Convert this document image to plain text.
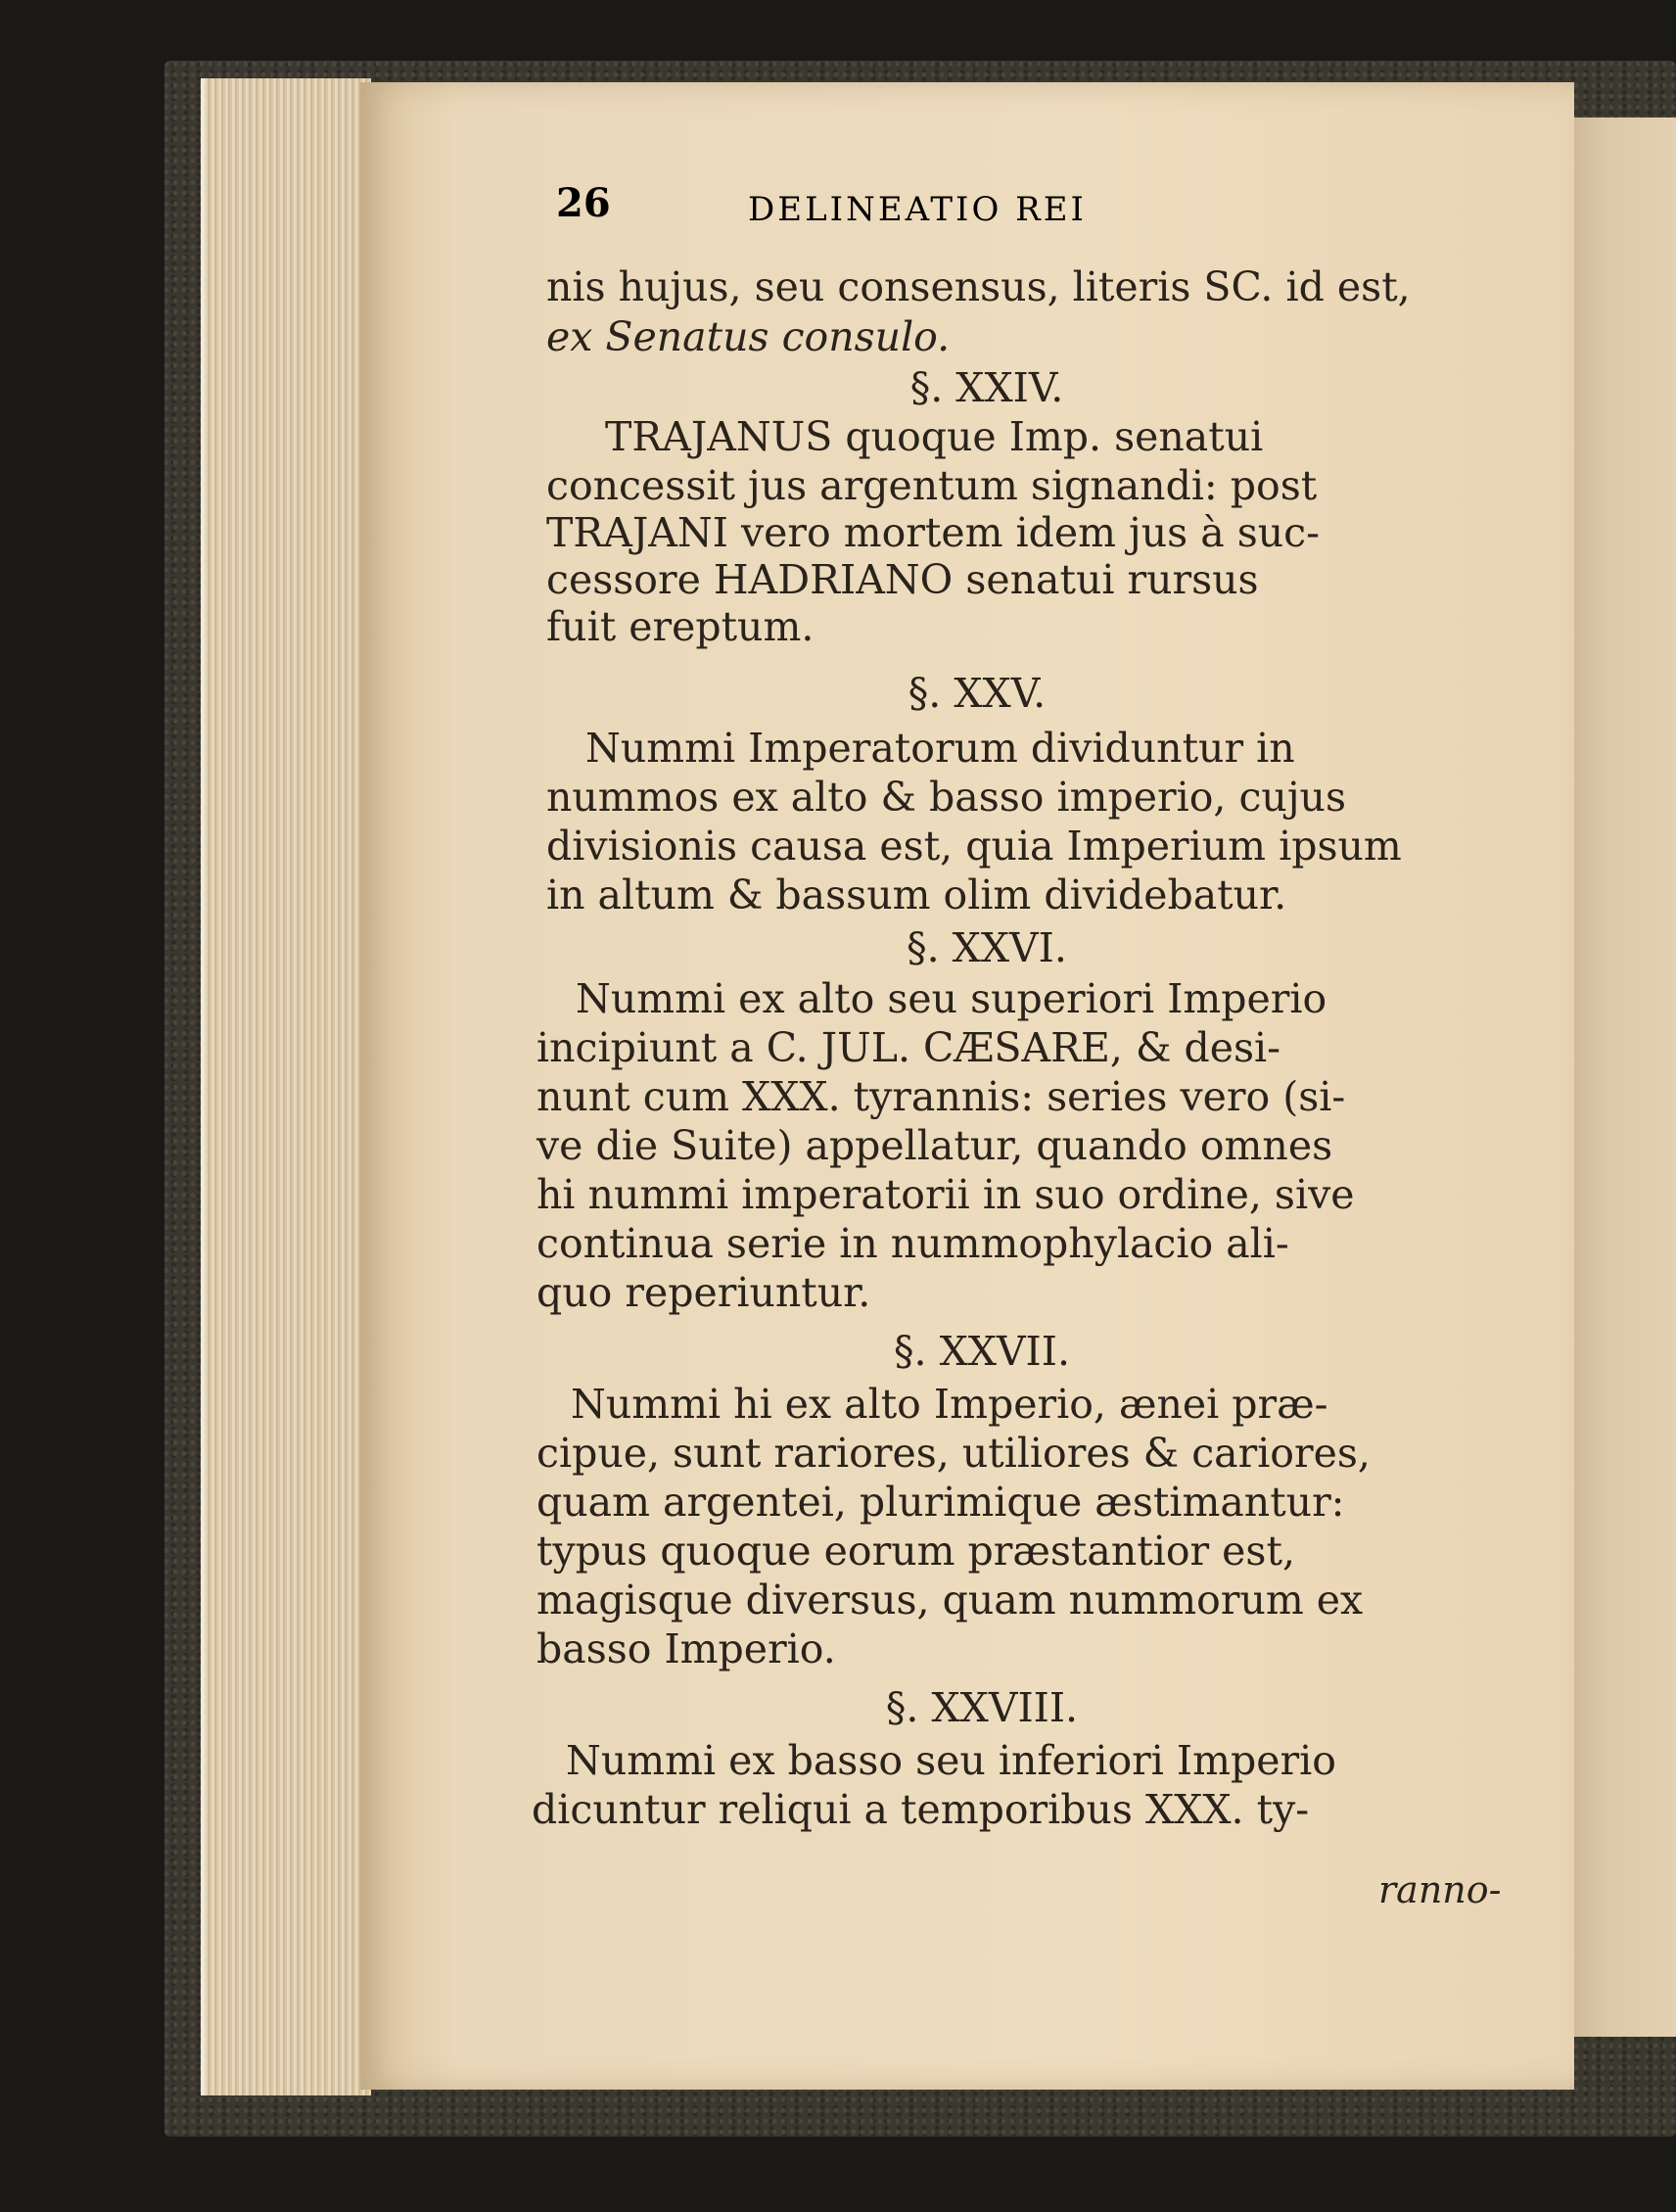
26	DELINEATIO REI
nis hujus, seu consensus, literis SC. id est,
ex Senatus consulo.
§. XXIV.
TRAJANUS quoque Imp. senatui
concessit jus argentum signandi: post
TRAJANI vero mortem idem jus à suc-
cessore HADRIANO senatui rursus
fuit ereptum.
§. XXV.
Nummi Imperatorum dividuntur in
nummos ex alto & basso imperio, cujus
divisionis causa est, quia Imperium ipsum
in altum & bassum olim dividebatur.
§. XXVI.
Nummi ex alto seu superiori Imperio
incipiunt a C. JUL. CÆSARE, & desi-
nunt cum XXX. tyrannis: series vero (si-
ve die Suite) appellatur, quando omnes
hi nummi imperatorii in suo ordine, sive
continua serie in nummophylacio ali-
quo reperiuntur.
§. XXVII.
Nummi hi ex alto Imperio, ænei præ-
cipue, sunt rariores, utiliores & cariores,
quam argentei, plurimique æstimantur:
typus quoque eorum præstantior est,
magisque diversus, quam nummorum ex
basso Imperio.
§. XXVIII.
Nummi ex basso seu inferiori Imperio
dicuntur reliqui a temporibus XXX. ty-
ranno-
